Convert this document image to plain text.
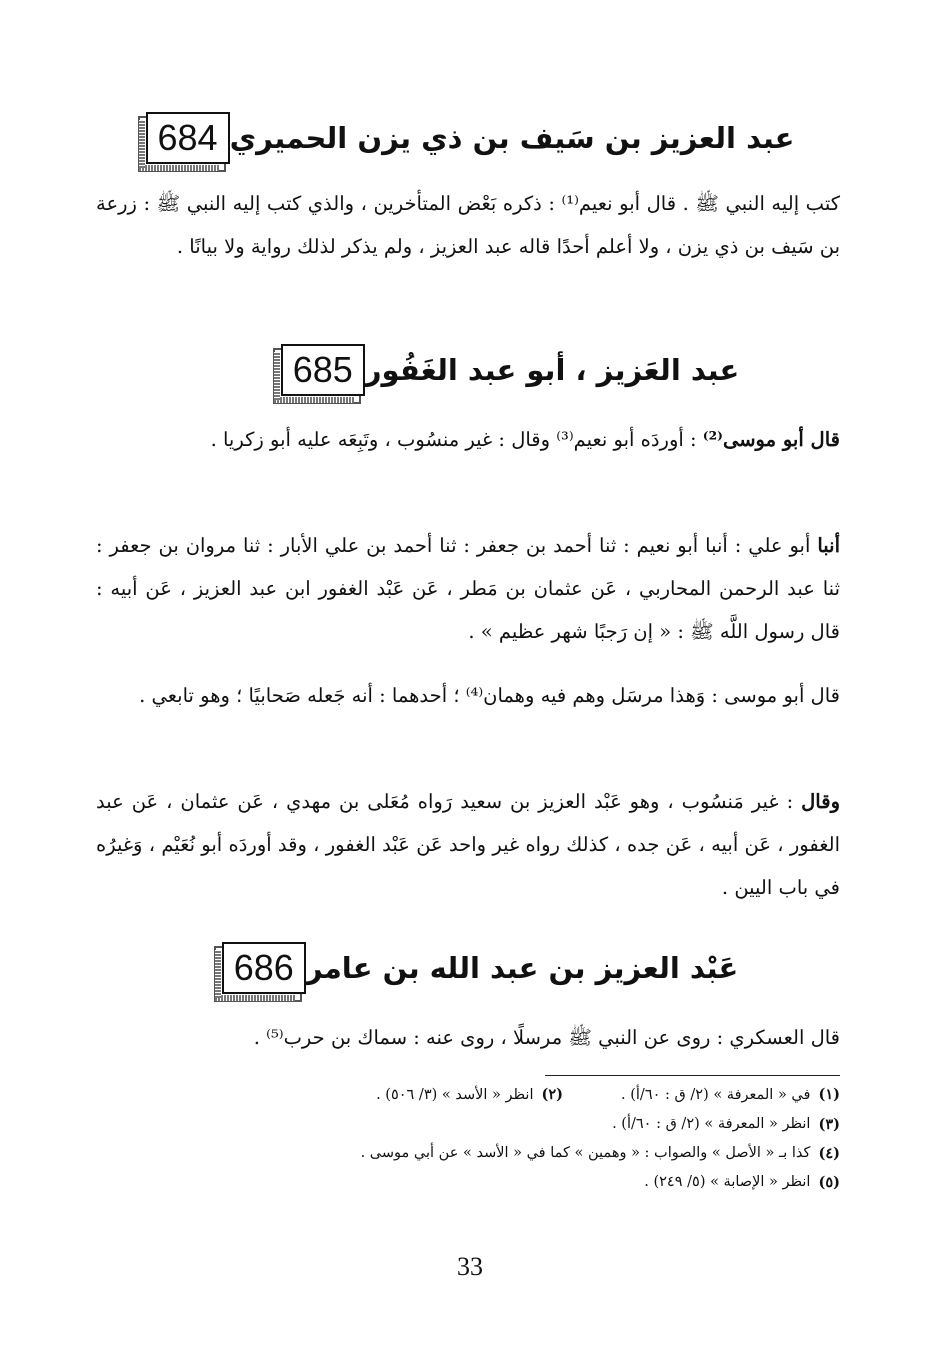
684 عبد العزيز بن سَيف بن ذي يزن الحميري

كتب إليه النبي ﷺ . قال أبو نعيم⁽¹⁾ : ذكره بَعْض المتأخرين ، والذي كتب إليه النبي ﷺ : زرعة بن سَيف بن ذي يزن ، ولا أعلم أحدًا قاله عبد العزيز ، ولم يذكر لذلك رواية ولا بيانًا .

685 عبد العَزيز ، أبو عبد الغَفُور

قال أبو موسى⁽²⁾ : أوردَه أبو نعيم⁽³⁾ وقال : غير منسُوب ، وتَبِعَه عليه أبو زكريا .

أنبا أبو علي : أنبا أبو نعيم : ثنا أحمد بن جعفر : ثنا أحمد بن علي الأبار : ثنا مروان بن جعفر : ثنا عبد الرحمن المحاربي ، عَن عثمان بن مَطر ، عَن عَبْد الغفور ابن عبد العزيز ، عَن أبيه : قال رسول اللَّه ﷺ : « إن رَجبًا شهر عظيم » .

قال أبو موسى : وَهذا مرسَل وهم فيه وهمان⁽⁴⁾ ؛ أحدهما : أنه جَعله صَحابيًا ؛ وهو تابعي .

وقال : غير مَنسُوب ، وهو عَبْد العزيز بن سعيد رَواه مُعَلى بن مهدي ، عَن عثمان ، عَن عبد الغفور ، عَن أبيه ، عَن جده ، كذلك رواه غير واحد عَن عَبْد الغفور ، وقد أوردَه أبو نُعَيْم ، وَغيرُه في باب اليين .

686 عَبْد العزيز بن عبد الله بن عامر

قال العسكري : روى عن النبي ﷺ مرسلًا ، روى عنه : سماك بن حرب⁽⁵⁾ .

(١)في « المعرفة » (٢/ ق : ٦٠/أ) .
(٢)انظر « الأسد » (٣/ ٥٠٦) .
(٣)
انظر « المعرفة » (٢/ ق : ٦٠/أ) .
(٤)
كذا بـ « الأصل » والصواب : « وهمين » كما في « الأسد » عن أبي موسى .
(٥)
انظر « الإصابة » (٥/ ٢٤٩) .
33
